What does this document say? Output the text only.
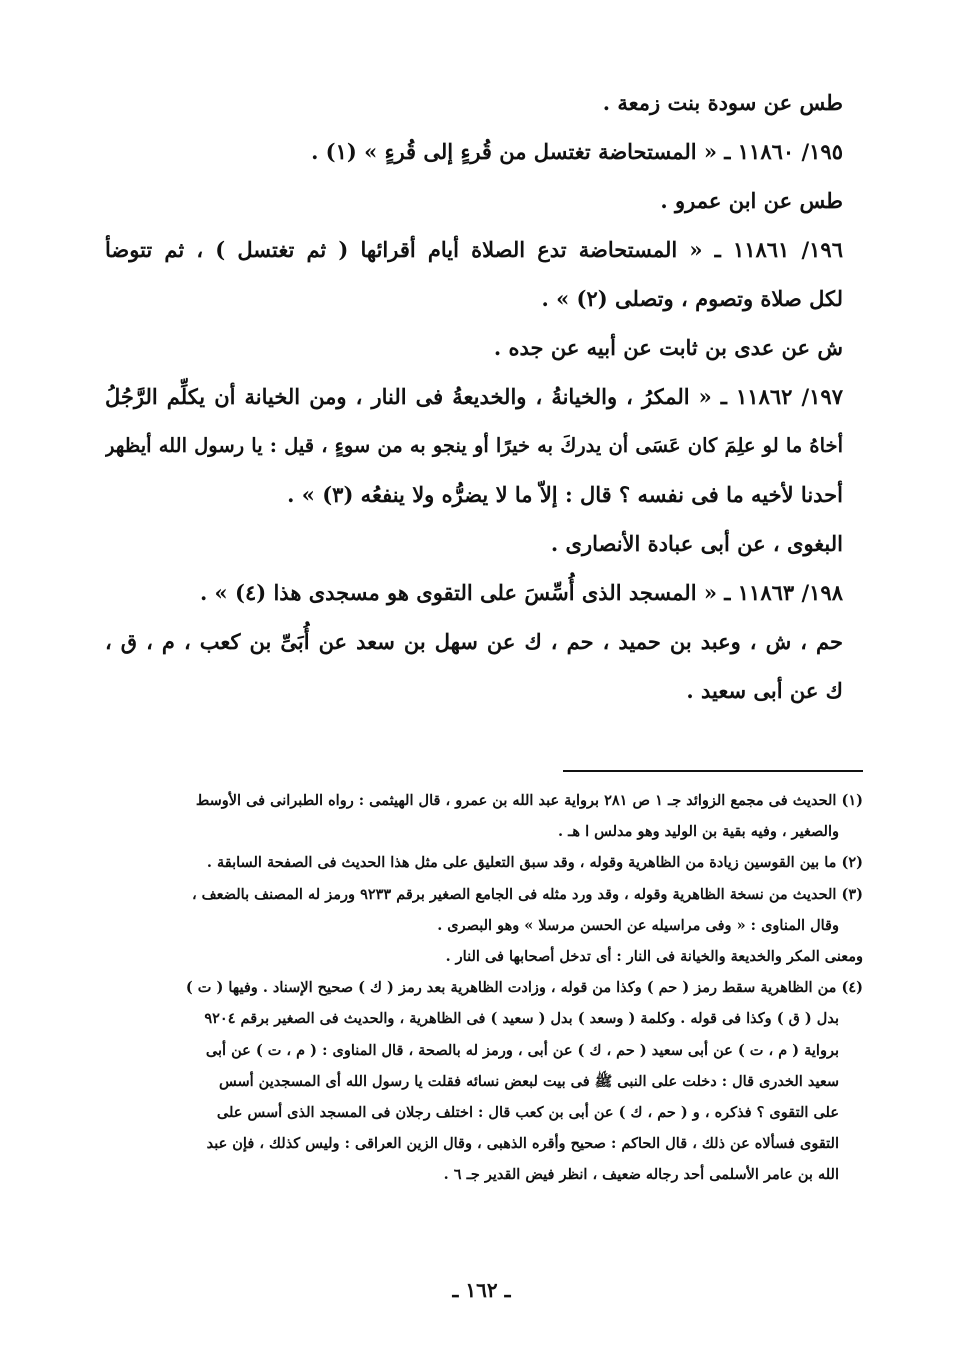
طس عن سودة بنت زمعة .
١٩٥/ ١١٨٦٠ ـ « المستحاضة تغتسل من قُرءٍ إلى قُرءٍ » (١) .
طس عن ابن عمرو .
١٩٦/ ١١٨٦١ ـ « المستحاضة تدع الصلاة أيام أقرائها ( ثم تغتسل ) ، ثم تتوضأ
لكل صلاة وتصوم ، وتصلى (٢) » .
ش عن عدى بن ثابت عن أبيه عن جده .
١٩٧/ ١١٨٦٢ ـ « المكرُ ، والخيانةُ ، والخديعةُ فى النار ، ومن الخيانة أن يكلِّم الرَّجُلُ
أخاهُ ما لو علِمَ كان عَسَى أن يدركَ به خيرًا أو ينجو به من سوءٍ ، قيل : يا رسول الله أيظهر
أحدنا لأخيه ما فى نفسه ؟ قال : إلاّ ما لا يضرُّه ولا ينفعُه (٣) » .
البغوى ، عن أبى عبادة الأنصارى .
١٩٨/ ١١٨٦٣ ـ « المسجد الذى أُسِّسَ على التقوى هو مسجدى هذا (٤) » .
حم ، ش ، وعبد بن حميد ، حم ، ك عن سهل بن سعد عن أُبَىِّ بن كعب ، م ، ق ،
ك عن أبى سعيد .
(١) الحديث فى مجمع الزوائد جـ ١ ص ٢٨١ برواية عبد الله بن عمرو ، قال الهيثمى : رواه الطبرانى فى الأوسط
والصغير ، وفيه بقية بن الوليد وهو مدلس ا هـ .
(٢) ما بين القوسين زيادة من الظاهرية وقوله ، وقد سبق التعليق على مثل هذا الحديث فى الصفحة السابقة .
(٣) الحديث من نسخة الظاهرية وقوله ، وقد ورد مثله فى الجامع الصغير برقم ٩٢٣٣ ورمز له المصنف بالضعف ،
وقال المناوى : « وفى مراسيله عن الحسن مرسلا » وهو البصرى .
ومعنى المكر والخديعة والخيانة فى النار : أى تدخل أصحابها فى النار .
(٤) من الظاهرية سقط رمز ( حم ) وكذا من قوله ، وزادت الظاهرية بعد رمز ( ك ) صحيح الإسناد . وفيها ( ت )
بدل ( ق ) وكذا فى قوله . وكلمة ( وسعد ) بدل ( سعيد ) فى الظاهرية ، والحديث فى الصغير برقم ٩٢٠٤
برواية ( م ، ت ) عن أبى سعيد ( حم ، ك ) عن أبى ، ورمز له بالصحة ، قال المناوى : ( م ، ت ) عن أبى
سعيد الخدرى قال : دخلت على النبى ﷺ فى بيت لبعض نسائه فقلت يا رسول الله أى المسجدين أسس
على التقوى ؟ فذكره ، و ( حم ، ك ) عن أبى بن كعب قال : اختلف رجلان فى المسجد الذى أسس على
التقوى فسألاه عن ذلك ، قال الحاكم : صحيح وأقره الذهبى ، وقال الزين العراقى : وليس كذلك ، فإن عبد
الله بن عامر الأسلمى أحد رجاله ضعيف ، انظر فيض القدير جـ ٦ .
ـ ١٦٢ ـ
